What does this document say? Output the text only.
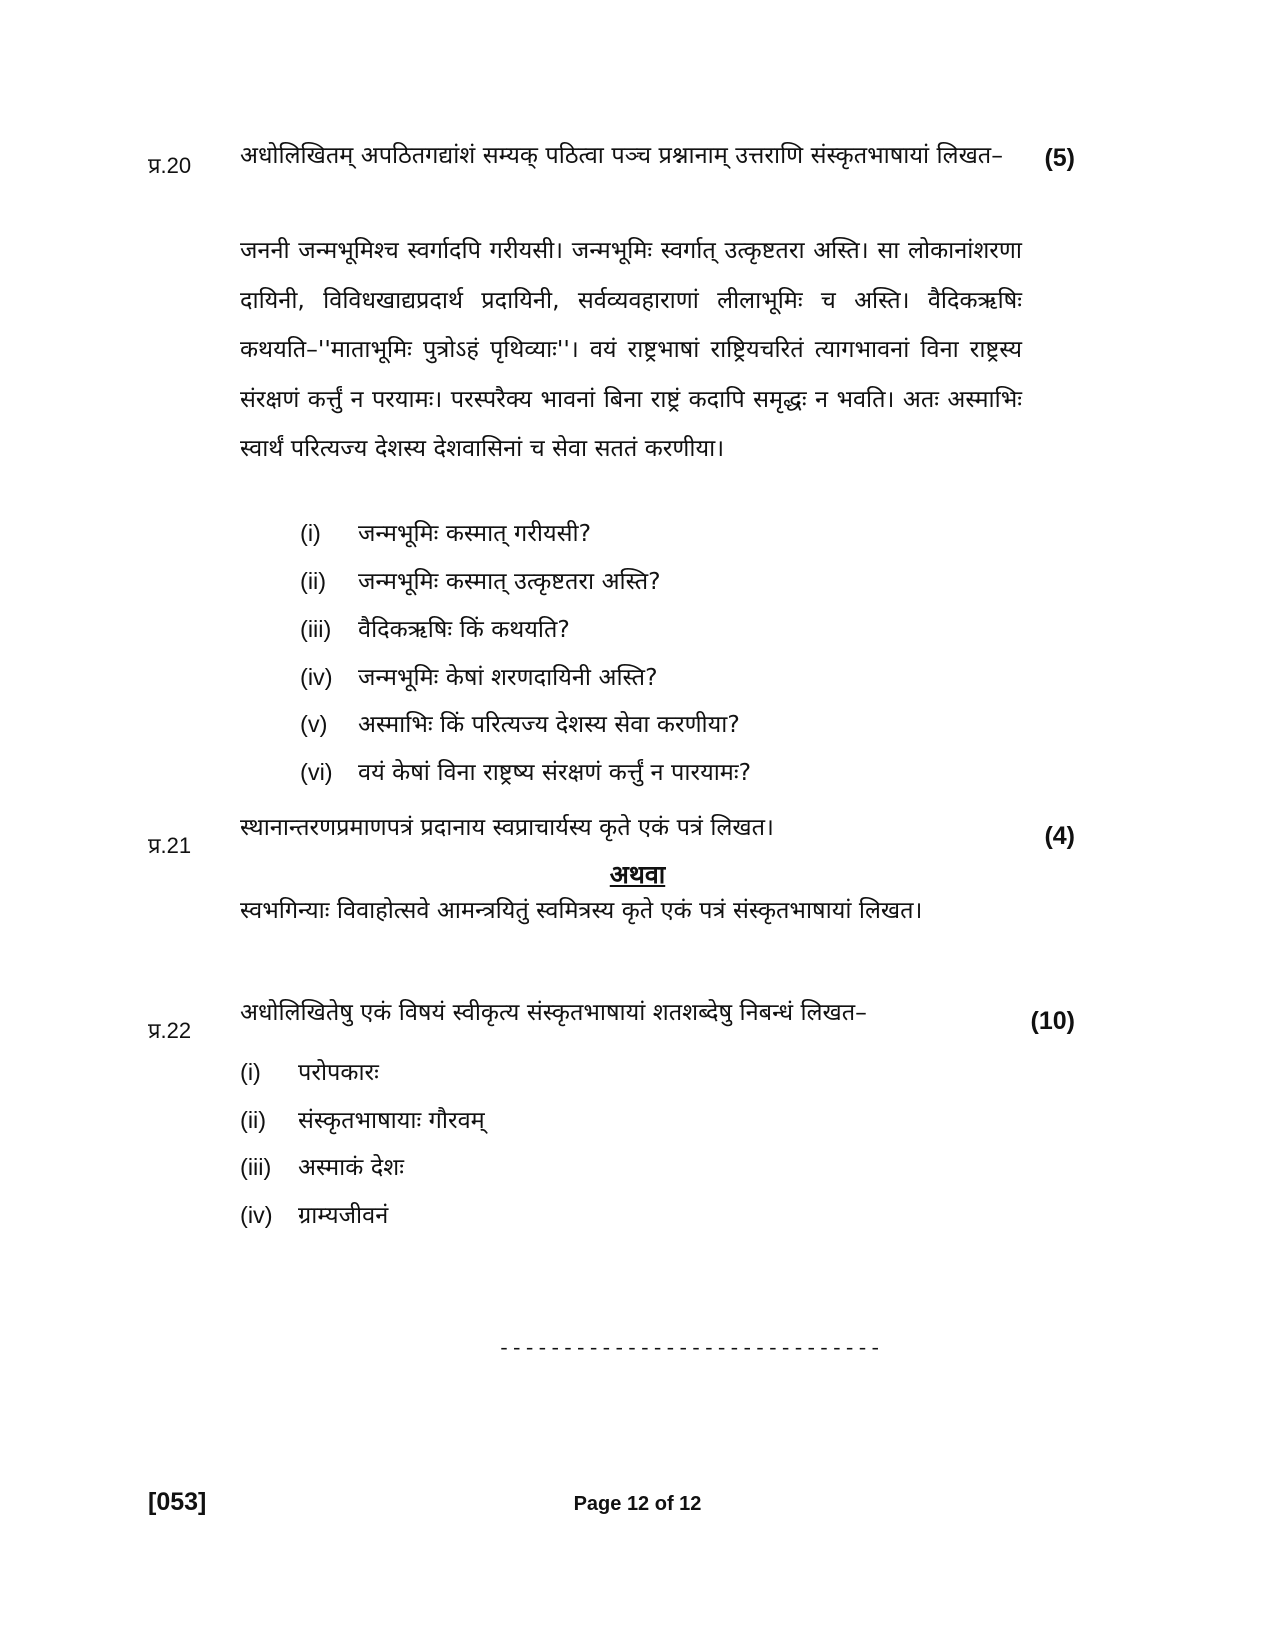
प्र.20	(5)
अधोलिखितम् अपठितगद्यांशं सम्यक् पठित्वा पञ्च प्रश्नानाम् उत्तराणि संस्कृतभाषायां लिखत–
जननी जन्मभूमिश्च स्वर्गादपि गरीयसी। जन्मभूमिः स्वर्गात् उत्कृष्टतरा अस्ति। सा लोकानांशरणा दायिनी, विविधखाद्यप्रदार्थ प्रदायिनी, सर्वव्यवहाराणां लीलाभूमिः च अस्ति। वैदिकऋषिः कथयति–''माताभूमिः पुत्रोऽहं पृथिव्याः''। वयं राष्ट्रभाषां राष्ट्रियचरितं त्यागभावनां विना राष्ट्रस्य संरक्षणं कर्त्तुं न परयामः। परस्परैक्य भावनां बिना राष्ट्रं कदापि समृद्धः न भवति। अतः अस्माभिः स्वार्थं परित्यज्य देशस्य देशवासिनां च सेवा सततं करणीया।
(i) जन्मभूमिः कस्मात् गरीयसी?
(ii) जन्मभूमिः कस्मात् उत्कृष्टतरा अस्ति?
(iii) वैदिकऋषिः किं कथयति?
(iv) जन्मभूमिः केषां शरणदायिनी अस्ति?
(v) अस्माभिः किं परित्यज्य देशस्य सेवा करणीया?
(vi) वयं केषां विना राष्ट्रष्य संरक्षणं कर्त्तुं न पारयामः?
प्र.21	(4)
स्थानान्तरणप्रमाणपत्रं प्रदानाय स्वप्राचार्यस्य कृते एकं पत्रं लिखत।
अथवा
स्वभगिन्याः विवाहोत्सवे आमन्त्रयितुं स्वमित्रस्य कृते एकं पत्रं संस्कृतभाषायां लिखत।
प्र.22	(10)
अधोलिखितेषु एकं विषयं स्वीकृत्य संस्कृतभाषायां शतशब्देषु निबन्धं लिखत–
(i) परोपकारः
(ii) संस्कृतभाषायाः गौरवम्
(iii) अस्माकं देशः
(iv) ग्राम्यजीवनं
------------------------------
[053]	Page 12 of 12
